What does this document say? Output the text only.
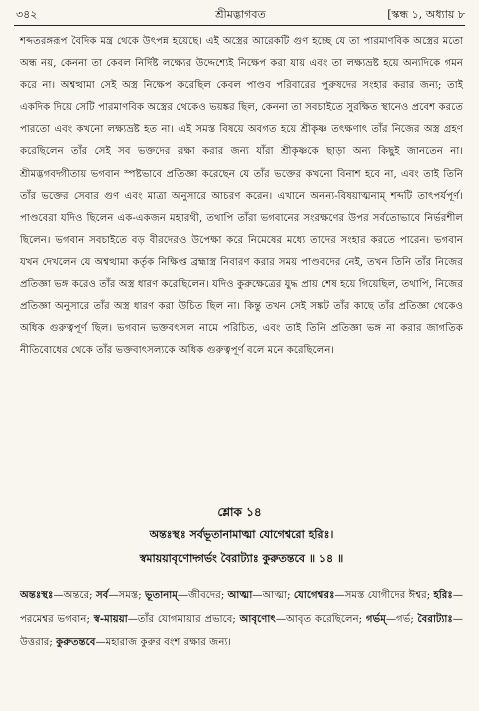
৩৪২	শ্রীমদ্ভাগবত	[স্কন্ধ ১, অধ্যায় ৮

শব্দতরঙ্গরূপ বৈদিক মন্ত্র থেকে উৎপন্ন হয়েছে। এই অস্ত্রের আরেকটি গুণ হচ্ছে যে তা পারমাণবিক অস্ত্রের মতো অন্ধ নয়, কেননা তা কেবল নির্দিষ্ট লক্ষ্যের উদ্দেশ্যেই নিক্ষেপ করা যায় এবং তা লক্ষ্যভ্রষ্ট হয়ে অন্যদিকে গমন করে না। অশ্বত্থামা সেই অস্ত্র নিক্ষেপ করেছিল কেবল পাণ্ডব পরিবারের পুরুষদের সংহার করার জন্য; তাই একদিক দিয়ে সেটি পারমাণবিক অস্ত্রের থেকেও ভয়ঙ্কর ছিল, কেননা তা সবচাইতে সুরক্ষিত স্থানেও প্রবেশ করতে পারতো এবং কখনো লক্ষ্যভ্রষ্ট হত না। এই সমস্ত বিষয়ে অবগত হয়ে শ্রীকৃষ্ণ তৎক্ষণাৎ তাঁর নিজের অস্ত্র গ্রহণ করেছিলেন তাঁর সেই সব ভক্তদের রক্ষা করার জন্য যাঁরা শ্রীকৃষ্ণকে ছাড়া অন্য কিছুই জানতেন না। শ্রীমদ্ভগবদ্গীতায় ভগবান স্পষ্টভাবে প্রতিজ্ঞা করেছেন যে তাঁর ভক্তের কখনো বিনাশ হবে না, এবং তাই তিনি তাঁর ভক্তের সেবার গুণ এবং মাত্রা অনুসারে আচরণ করেন। এখানে অনন্য-বিষয়াত্মনাম্ শব্দটি তাৎপর্যপূর্ণ। পাণ্ডবেরা যদিও ছিলেন এক-একজন মহারথী, তথাপি তাঁরা ভগবানের সংরক্ষণের উপর সর্বতোভাবে নির্ভরশীল ছিলেন। ভগবান সবচাইতে বড় বীরদেরও উপেক্ষা করে নিমেষের মধ্যে তাদের সংহার করতে পারেন। ভগবান যখন দেখলেন যে অশ্বত্থামা কর্তৃক নিক্ষিপ্ত ব্রহ্মাস্ত্র নিবারণ করার সময় পাণ্ডবদের নেই, তখন তিনি তাঁর নিজের প্রতিজ্ঞা ভঙ্গ করেও তাঁর অস্ত্র ধারণ করেছিলেন। যদিও কুরুক্ষেত্রের যুদ্ধ প্রায় শেষ হয়ে গিয়েছিল, তথাপি, নিজের প্রতিজ্ঞা অনুসারে তাঁর অস্ত্র ধারণ করা উচিত ছিল না। কিন্তু তখন সেই সঙ্কট তাঁর কাছে তাঁর প্রতিজ্ঞা থেকেও অধিক গুরুত্বপূর্ণ ছিল। ভগবান ভক্তবৎসল নামে পরিচিত, এবং তাই তিনি প্রতিজ্ঞা ভঙ্গ না করার জাগতিক নীতিবোধের থেকে তাঁর ভক্তবাৎসল্যকে অধিক গুরুত্বপূর্ণ বলে মনে করেছিলেন।

শ্লোক ১৪
অন্তঃস্থঃ সর্বভূতানামাত্মা যোগেশ্বরো হরিঃ।
স্বমায়য়াবৃণোদ্গর্ভং বৈরাট্যাঃ কুরুতন্তবে ॥ ১৪ ॥
অন্তঃস্থঃ—অন্তরে; সর্ব—সমস্ত; ভূতানাম্—জীবদের; আত্মা—আত্মা; যোগেশ্বরঃ—সমস্ত যোগীদের ঈশ্বর; হরিঃ—পরমেশ্বর ভগবান; স্ব-মায়য়া—তাঁর যোগমায়ার প্রভাবে; আবৃণোৎ—আবৃত করেছিলেন; গর্ভম্—গর্ভ; বৈরাট্যাঃ—উত্তরার; কুরুতন্তবে—মহারাজ কুরুর বংশ রক্ষার জন্য।
